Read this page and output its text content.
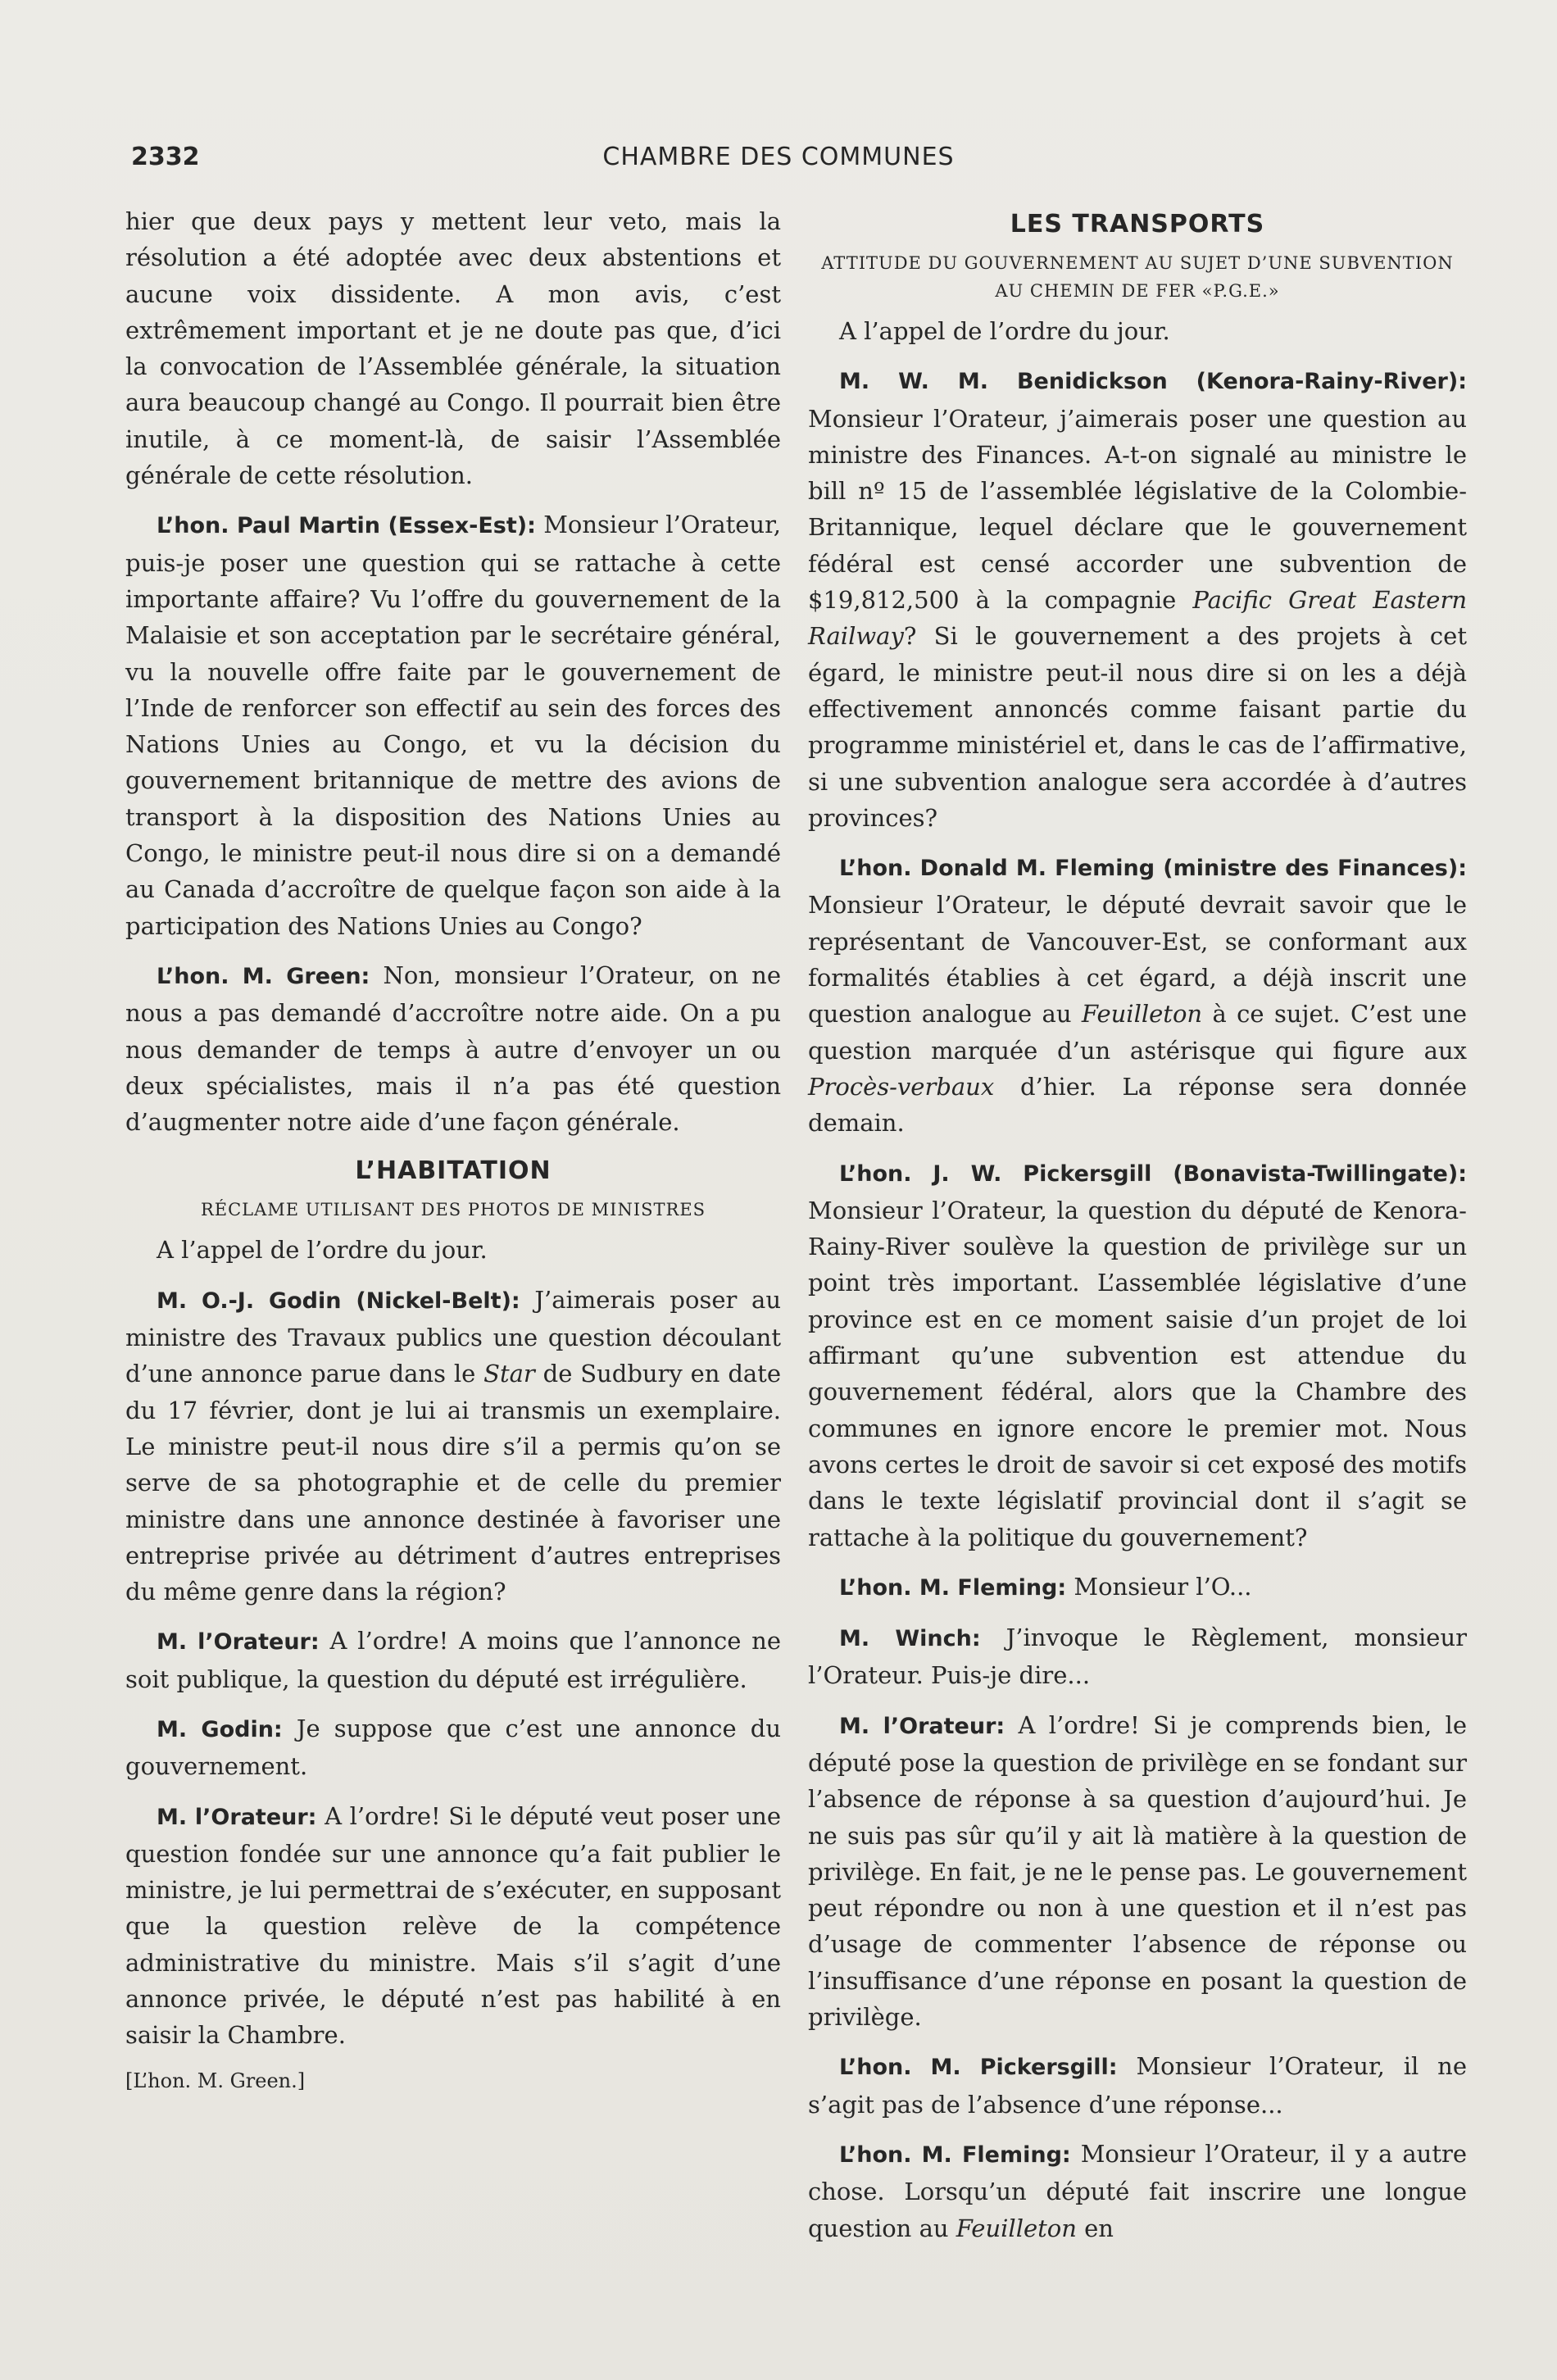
2332	CHAMBRE DES COMMUNES

hier que deux pays y mettent leur veto, mais la résolution a été adoptée avec deux abstentions et aucune voix dissidente. A mon avis, c’est extrêmement important et je ne doute pas que, d’ici la convocation de l’Assemblée générale, la situation aura beaucoup changé au Congo. Il pourrait bien être inutile, à ce moment-là, de saisir l’Assemblée générale de cette résolution.

L’hon. Paul Martin (Essex-Est): Monsieur l’Orateur, puis-je poser une question qui se rattache à cette importante affaire? Vu l’offre du gouvernement de la Malaisie et son acceptation par le secrétaire général, vu la nouvelle offre faite par le gouvernement de l’Inde de renforcer son effectif au sein des forces des Nations Unies au Congo, et vu la décision du gouvernement britannique de mettre des avions de transport à la disposition des Nations Unies au Congo, le ministre peut-il nous dire si on a demandé au Canada d’accroître de quelque façon son aide à la participation des Nations Unies au Congo?

L’hon. M. Green: Non, monsieur l’Orateur, on ne nous a pas demandé d’accroître notre aide. On a pu nous demander de temps à autre d’envoyer un ou deux spécialistes, mais il n’a pas été question d’augmenter notre aide d’une façon générale.

L’HABITATION
RÉCLAME UTILISANT DES PHOTOS DE MINISTRES

A l’appel de l’ordre du jour.

M. O.-J. Godin (Nickel-Belt): J’aimerais poser au ministre des Travaux publics une question découlant d’une annonce parue dans le Star de Sudbury en date du 17 février, dont je lui ai transmis un exemplaire. Le ministre peut-il nous dire s’il a permis qu’on se serve de sa photographie et de celle du premier ministre dans une annonce destinée à favoriser une entreprise privée au détriment d’autres entreprises du même genre dans la région?

M. l’Orateur: A l’ordre! A moins que l’annonce ne soit publique, la question du député est irrégulière.

M. Godin: Je suppose que c’est une annonce du gouvernement.

M. l’Orateur: A l’ordre! Si le député veut poser une question fondée sur une annonce qu’a fait publier le ministre, je lui permettrai de s’exécuter, en supposant que la question relève de la compétence administrative du ministre. Mais s’il s’agit d’une annonce privée, le député n’est pas habilité à en saisir la Chambre.

[L’hon. M. Green.]

LES TRANSPORTS
ATTITUDE DU GOUVERNEMENT AU SUJET D’UNE SUBVENTION AU CHEMIN DE FER «P.G.E.»

A l’appel de l’ordre du jour.

M. W. M. Benidickson (Kenora-Rainy-River): Monsieur l’Orateur, j’aimerais poser une question au ministre des Finances. A-t-on signalé au ministre le bill nº 15 de l’assemblée législative de la Colombie-Britannique, lequel déclare que le gouvernement fédéral est censé accorder une subvention de $19,812,500 à la compagnie Pacific Great Eastern Railway? Si le gouvernement a des projets à cet égard, le ministre peut-il nous dire si on les a déjà effectivement annoncés comme faisant partie du programme ministériel et, dans le cas de l’affirmative, si une subvention analogue sera accordée à d’autres provinces?

L’hon. Donald M. Fleming (ministre des Finances): Monsieur l’Orateur, le député devrait savoir que le représentant de Vancouver-Est, se conformant aux formalités établies à cet égard, a déjà inscrit une question analogue au Feuilleton à ce sujet. C’est une question marquée d’un astérisque qui figure aux Procès-verbaux d’hier. La réponse sera donnée demain.

L’hon. J. W. Pickersgill (Bonavista-Twillingate): Monsieur l’Orateur, la question du député de Kenora-Rainy-River soulève la question de privilège sur un point très important. L’assemblée législative d’une province est en ce moment saisie d’un projet de loi affirmant qu’une subvention est attendue du gouvernement fédéral, alors que la Chambre des communes en ignore encore le premier mot. Nous avons certes le droit de savoir si cet exposé des motifs dans le texte législatif provincial dont il s’agit se rattache à la politique du gouvernement?

L’hon. M. Fleming: Monsieur l’O...

M. Winch: J’invoque le Règlement, monsieur l’Orateur. Puis-je dire...

M. l’Orateur: A l’ordre! Si je comprends bien, le député pose la question de privilège en se fondant sur l’absence de réponse à sa question d’aujourd’hui. Je ne suis pas sûr qu’il y ait là matière à la question de privilège. En fait, je ne le pense pas. Le gouvernement peut répondre ou non à une question et il n’est pas d’usage de commenter l’absence de réponse ou l’insuffisance d’une réponse en posant la question de privilège.

L’hon. M. Pickersgill: Monsieur l’Orateur, il ne s’agit pas de l’absence d’une réponse...

L’hon. M. Fleming: Monsieur l’Orateur, il y a autre chose. Lorsqu’un député fait inscrire une longue question au Feuilleton en
